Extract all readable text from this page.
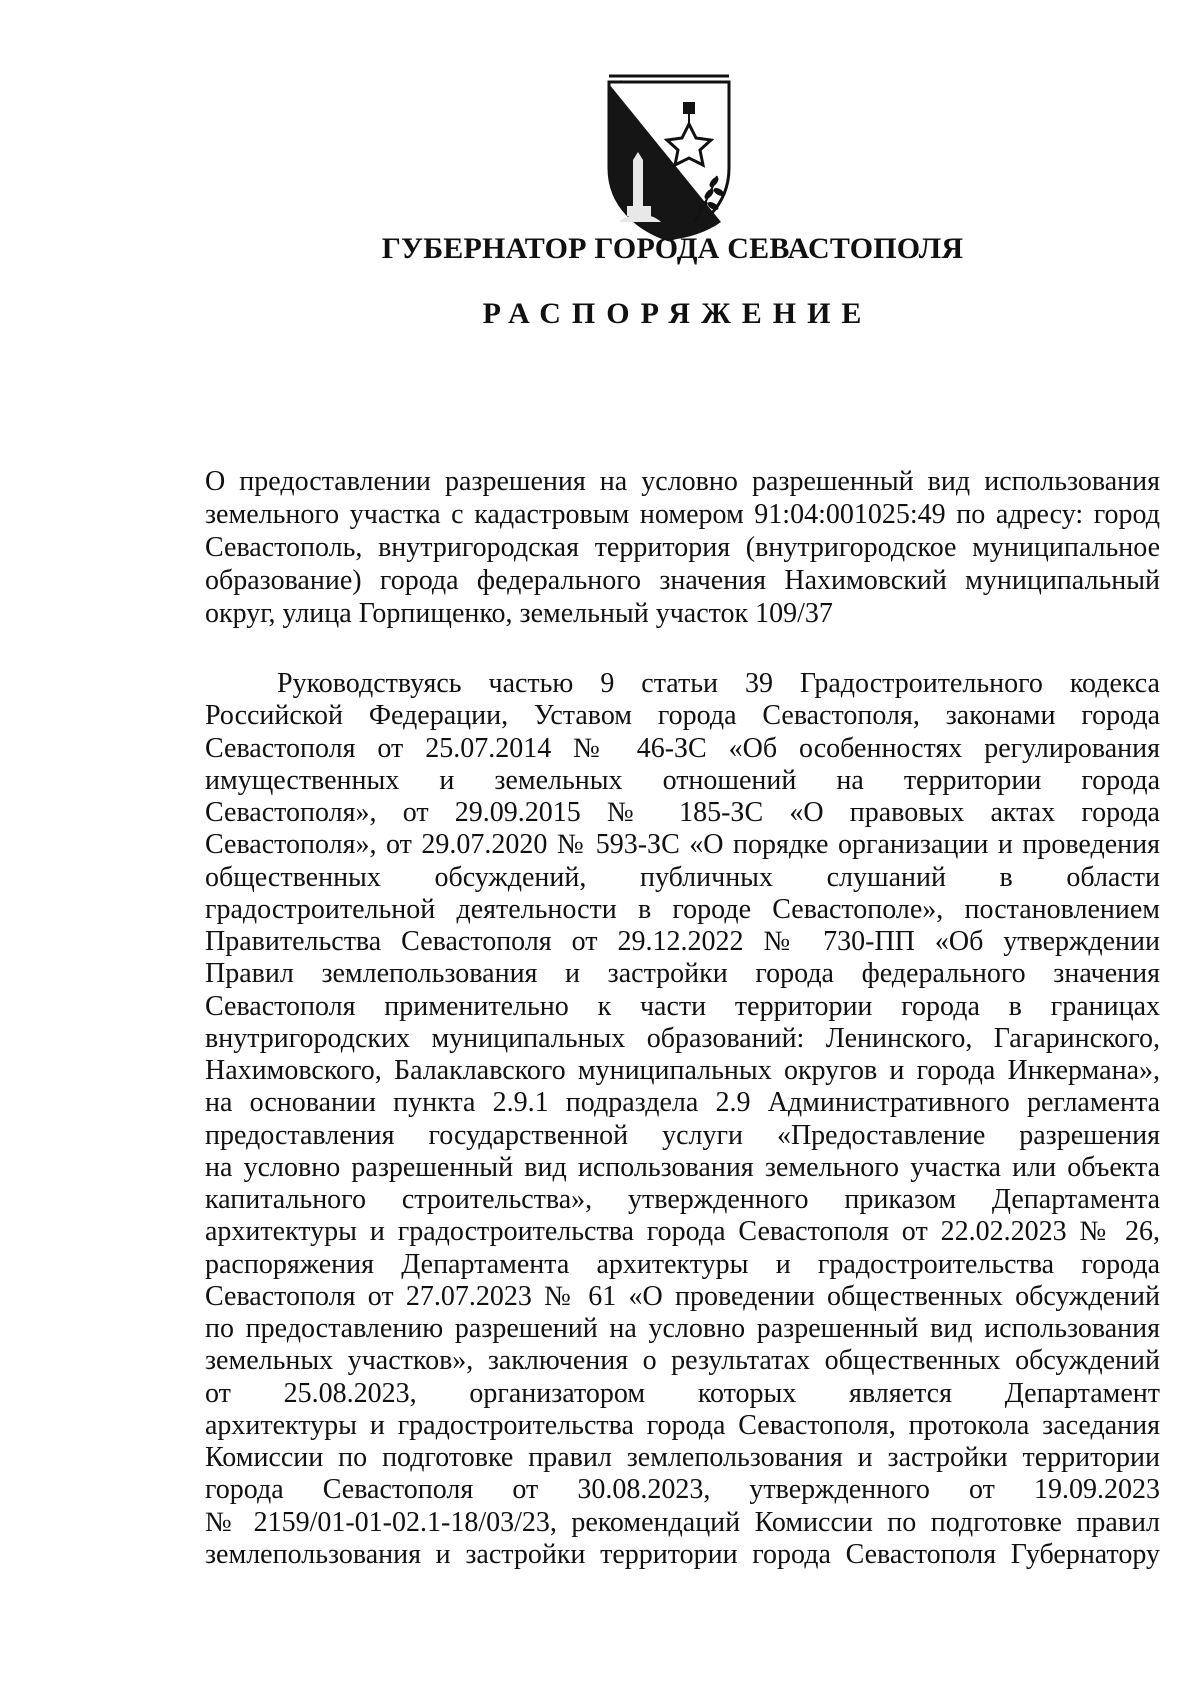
ГУБЕРНАТОР ГОРОДА СЕВАСТОПОЛЯ
РАСПОРЯЖЕНИЕ
О предоставлении разрешения на условно разрешенный вид использования
земельного участка с кадастровым номером 91:04:001025:49 по адресу: город
Севастополь, внутригородская территория (внутригородское муниципальное
образование) города федерального значения Нахимовский муниципальный
округ, улица Горпищенко, земельный участок 109/37
Руководствуясь частью 9 статьи 39 Градостроительного кодекса
Российской Федерации, Уставом города Севастополя, законами города
Севастополя от 25.07.2014 № 46-ЗС «Об особенностях регулирования
имущественных и земельных отношений на территории города
Севастополя», от 29.09.2015 № 185-ЗС «О правовых актах города
Севастополя», от 29.07.2020 № 593-ЗС «О порядке организации и проведения
общественных обсуждений, публичных слушаний в области
градостроительной деятельности в городе Севастополе», постановлением
Правительства Севастополя от 29.12.2022 № 730-ПП «Об утверждении
Правил землепользования и застройки города федерального значения
Севастополя применительно к части территории города в границах
внутригородских муниципальных образований: Ленинского, Гагаринского,
Нахимовского, Балаклавского муниципальных округов и города Инкермана»,
на основании пункта 2.9.1 подраздела 2.9 Административного регламента
предоставления государственной услуги «Предоставление разрешения
на условно разрешенный вид использования земельного участка или объекта
капитального строительства», утвержденного приказом Департамента
архитектуры и градостроительства города Севастополя от 22.02.2023 № 26,
распоряжения Департамента архитектуры и градостроительства города
Севастополя от 27.07.2023 № 61 «О проведении общественных обсуждений
по предоставлению разрешений на условно разрешенный вид использования
земельных участков», заключения о результатах общественных обсуждений
от 25.08.2023, организатором которых является Департамент
архитектуры и градостроительства города Севастополя, протокола заседания
Комиссии по подготовке правил землепользования и застройки территории
города Севастополя от 30.08.2023, утвержденного от 19.09.2023
№ 2159/01-01-02.1-18/03/23, рекомендаций Комиссии по подготовке правил
землепользования и застройки территории города Севастополя Губернатору
